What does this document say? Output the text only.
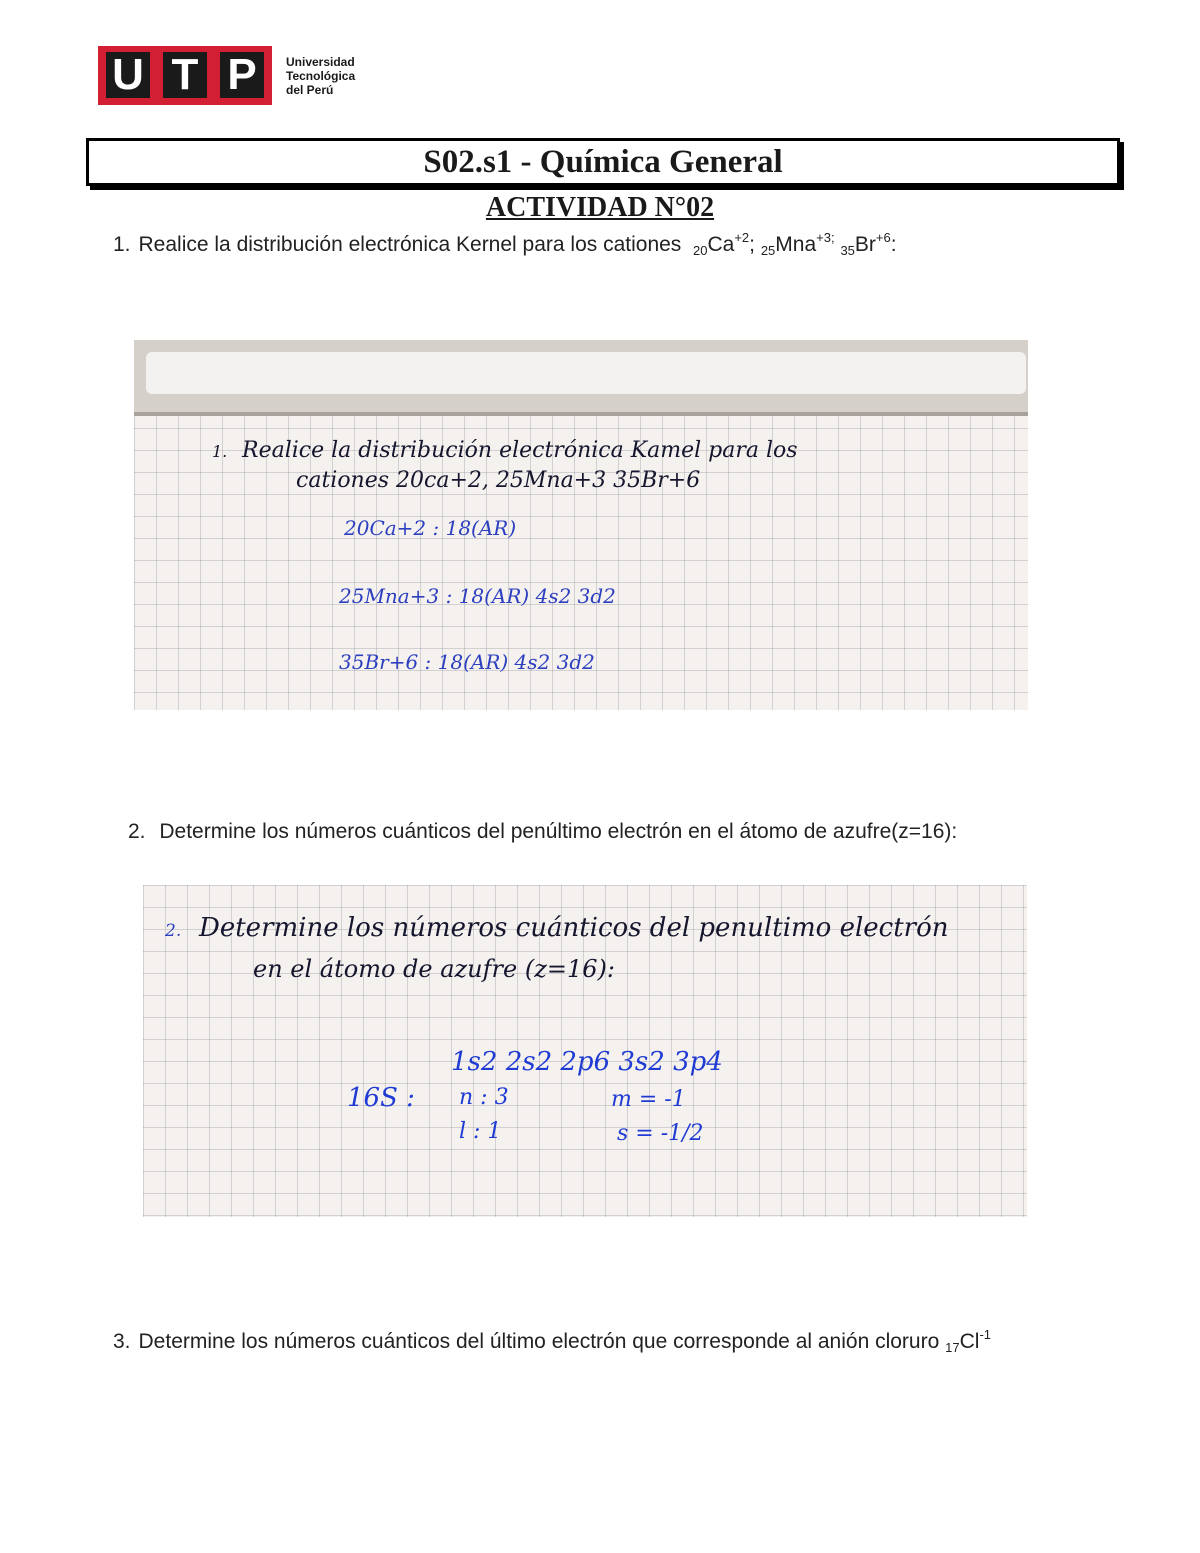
U T P	Universidad
Tecnológica
del Perú
S02.s1 - Química General
ACTIVIDAD N°02
1. Realice la distribución electrónica Kernel para los cationes $_{20}Ca^{+2}$; $_{25}$Mna$^{+3;}$ $_{35}Br^{+6}$:
1. Realice la distribución electrónica Kamel para los
cationes 20ca+2, 25Mna+3 35Br+6
20Ca+2 : 18(AR)
25Mna+3 : 18(AR) 4s2 3d2
35Br+6 : 18(AR) 4s2 3d2
2. Determine los números cuánticos del penúltimo electrón en el átomo de azufre(z=16):
2. Determine los números cuánticos del penultimo electrón
en el átomo de azufre (z=16):
1s2 2s2 2p6 3s2 3p4
16S : n : 3
l : 1
m = -1
s = -1/2
3. Determine los números cuánticos del último electrón que corresponde al anión cloruro $_{17}Cl^{-1}$
